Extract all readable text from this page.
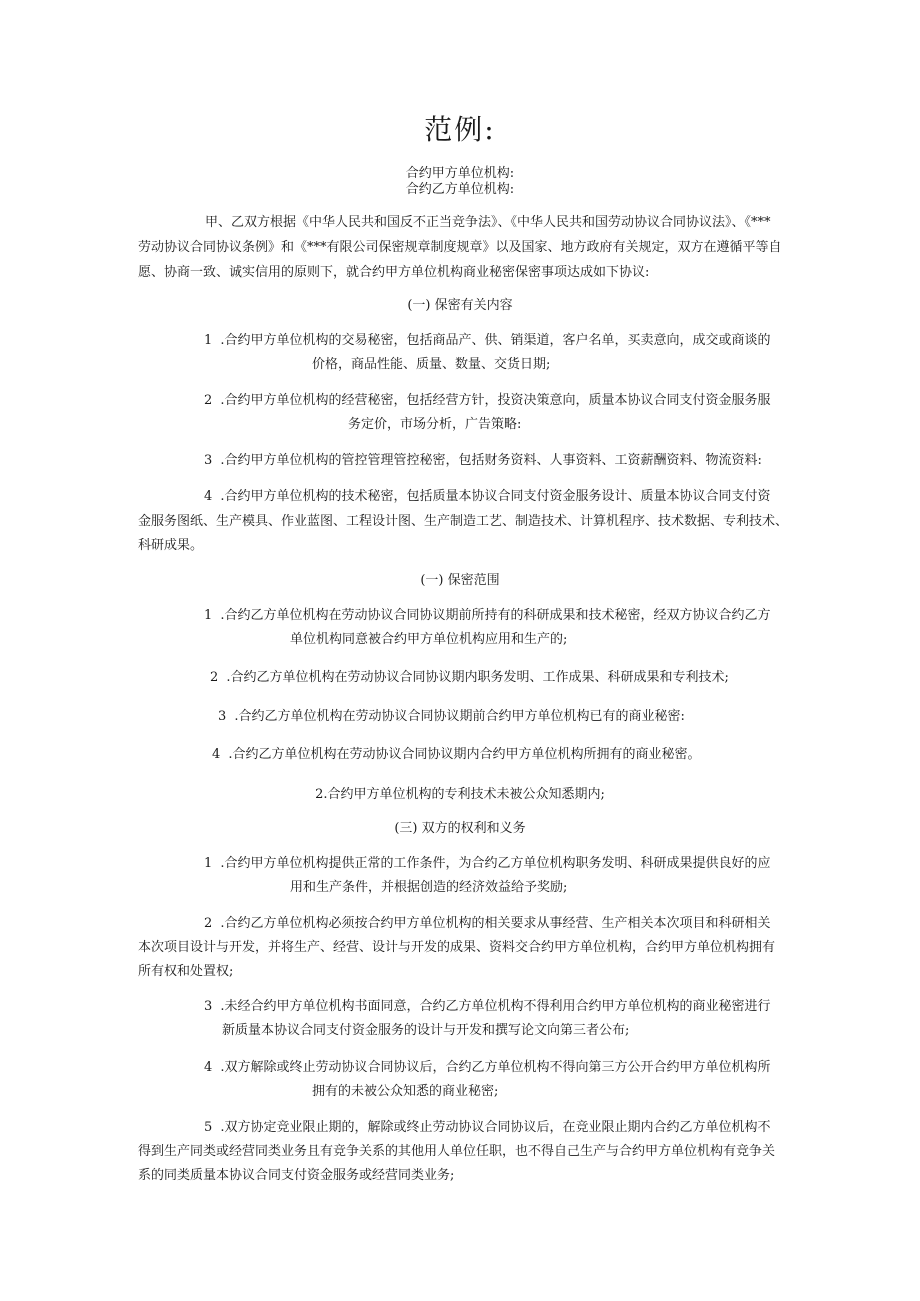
范例:
合约甲方单位机构:
合约乙方单位机构:
甲、乙双方根据《中华人民共和国反不正当竞争法》、《中华人民共和国劳动协议合同协议法》、《***
劳动协议合同协议条例》和《***有限公司保密规章制度规章》以及国家、地方政府有关规定，双方在遵循平等自
愿、协商一致、诚实信用的原则下，就合约甲方单位机构商业秘密保密事项达成如下协议:
(一) 保密有关内容
1 .合约甲方单位机构的交易秘密，包括商品产、供、销渠道，客户名单，买卖意向，成交或商谈的
价格，商品性能、质量、数量、交货日期;
2 .合约甲方单位机构的经营秘密，包括经营方针，投资决策意向，质量本协议合同支付资金服务服
务定价，市场分析，广告策略:
3 .合约甲方单位机构的管控管理管控秘密，包括财务资料、人事资料、工资薪酬资料、物流资料:
4 .合约甲方单位机构的技术秘密，包括质量本协议合同支付资金服务设计、质量本协议合同支付资
金服务图纸、生产模具、作业蓝图、工程设计图、生产制造工艺、制造技术、计算机程序、技术数据、专利技术、
科研成果。
(一) 保密范围
1 .合约乙方单位机构在劳动协议合同协议期前所持有的科研成果和技术秘密，经双方协议合约乙方
单位机构同意被合约甲方单位机构应用和生产的;
2 .合约乙方单位机构在劳动协议合同协议期内职务发明、工作成果、科研成果和专利技术;
3 .合约乙方单位机构在劳动协议合同协议期前合约甲方单位机构已有的商业秘密:
4 .合约乙方单位机构在劳动协议合同协议期内合约甲方单位机构所拥有的商业秘密。
2.合约甲方单位机构的专利技术未被公众知悉期内;
(三) 双方的权利和义务
1 .合约甲方单位机构提供正常的工作条件，为合约乙方单位机构职务发明、科研成果提供良好的应
用和生产条件，并根据创造的经济效益给予奖励;
2 .合约乙方单位机构必须按合约甲方单位机构的相关要求从事经营、生产相关本次项目和科研相关
本次项目设计与开发，并将生产、经营、设计与开发的成果、资料交合约甲方单位机构，合约甲方单位机构拥有
所有权和处置权;
3 .未经合约甲方单位机构书面同意，合约乙方单位机构不得利用合约甲方单位机构的商业秘密进行
新质量本协议合同支付资金服务的设计与开发和撰写论文向第三者公布;
4 .双方解除或终止劳动协议合同协议后，合约乙方单位机构不得向第三方公开合约甲方单位机构所
拥有的未被公众知悉的商业秘密;
5 .双方协定竞业限止期的，解除或终止劳动协议合同协议后，在竞业限止期内合约乙方单位机构不
得到生产同类或经营同类业务且有竞争关系的其他用人单位任职，也不得自己生产与合约甲方单位机构有竞争关
系的同类质量本协议合同支付资金服务或经营同类业务;
